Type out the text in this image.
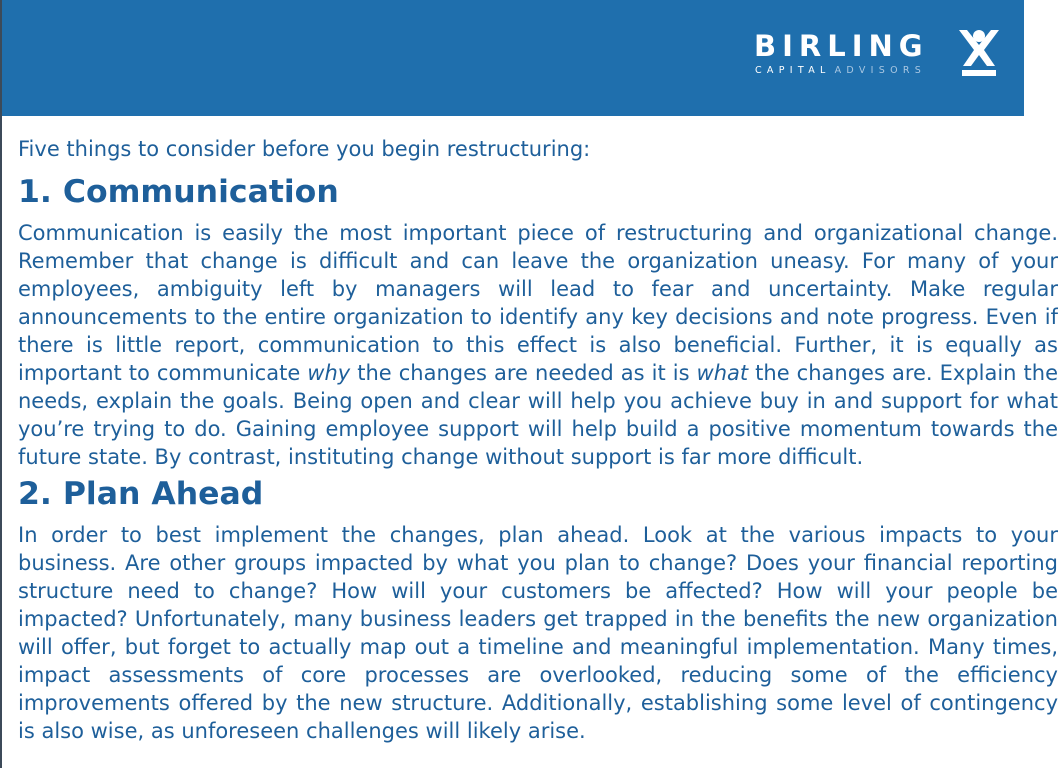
BIRLING
CAPITAL ADVISORS

Five things to consider before you begin restructuring:

1. Communication

Communication is easily the most important piece of restructuring and organizational change. Remember that change is difficult and can leave the organization uneasy. For many of your employees, ambiguity left by managers will lead to fear and uncertainty. Make regular announcements to the entire organization to identify any key decisions and note progress. Even if there is little report, communication to this effect is also beneficial. Further, it is equally as important to communicate why the changes are needed as it is what the changes are. Explain the needs, explain the goals. Being open and clear will help you achieve buy in and support for what you’re trying to do. Gaining employee support will help build a positive momentum towards the future state. By contrast, instituting change without support is far more difficult.

2. Plan Ahead

In order to best implement the changes, plan ahead. Look at the various impacts to your business. Are other groups impacted by what you plan to change? Does your financial reporting structure need to change? How will your customers be affected? How will your people be impacted? Unfortunately, many business leaders get trapped in the benefits the new organization will offer, but forget to actually map out a timeline and meaningful implementation. Many times, impact assessments of core processes are overlooked, reducing some of the efficiency improvements offered by the new structure. Additionally, establishing some level of contingency is also wise, as unforeseen challenges will likely arise.
